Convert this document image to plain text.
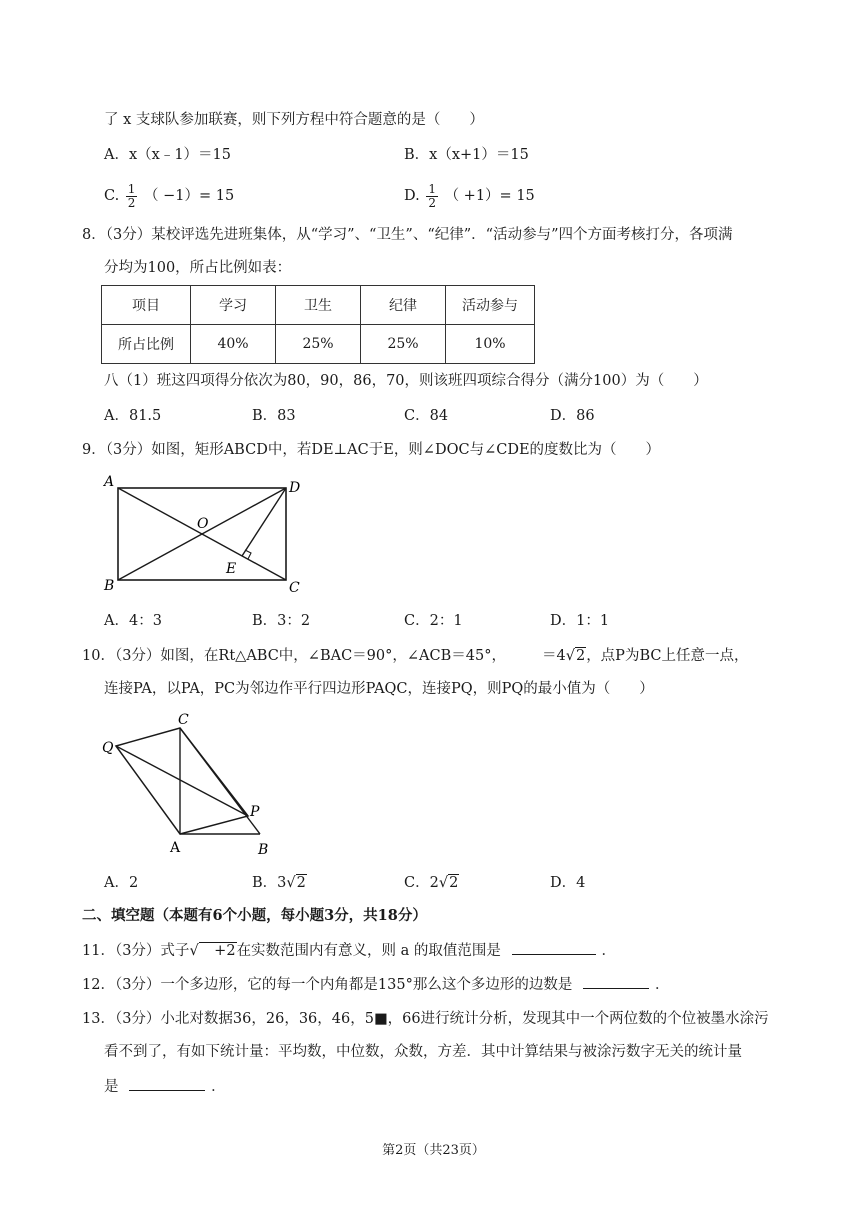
了 x 支球队参加联赛，则下列方程中符合题意的是（　　）
A．x（x﹣1）＝15	B．x（x+1）＝15
C. $\frac{1}{2}$ （ −1）= 15	D. $\frac{1}{2}$ （ +1）= 15
8．（3分）某校评选先进班集体，从“学习”、“卫生”、“纪律”．“活动参与”四个方面考核打分，各项满
分均为100，所占比例如表：
项目	学习	卫生	纪律	活动参与
所占比例	40%	25%	25%	10%
八（1）班这四项得分依次为80，90，86，70，则该班四项综合得分（满分100）为（　　）
A．81.5	B．83	C．84	D．86
9．（3分）如图，矩形ABCD中，若DE⊥AC于E，则∠DOC与∠CDE的度数比为（　　）
A	D
B	C
O
E
A．4：3	B．3：2	C．2：1	D．1：1
10．（3分）如图，在Rt△ABC中，∠BAC＝90°，∠ACB＝45°， ＝4√2，点P为BC上任意一点，
连接PA，以PA，PC为邻边作平行四边形PAQC，连接PQ，则PQ的最小值为（　　）
C
Q
P
A	B
A．2	B．3√2	C．2√2	D．4
二、填空题（本题有6个小题，每小题3分，共18分）
11．（3分）式子√　+2在实数范围内有意义，则 a 的取值范围是	．
12．（3分）一个多边形，它的每一个内角都是135°那么这个多边形的边数是	．
13．（3分）小北对数据36，26，36，46，5■，66进行统计分析，发现其中一个两位数的个位被墨水涂污
看不到了，有如下统计量：平均数，中位数，众数，方差．其中计算结果与被涂污数字无关的统计量
是	．
第2页（共23页）
